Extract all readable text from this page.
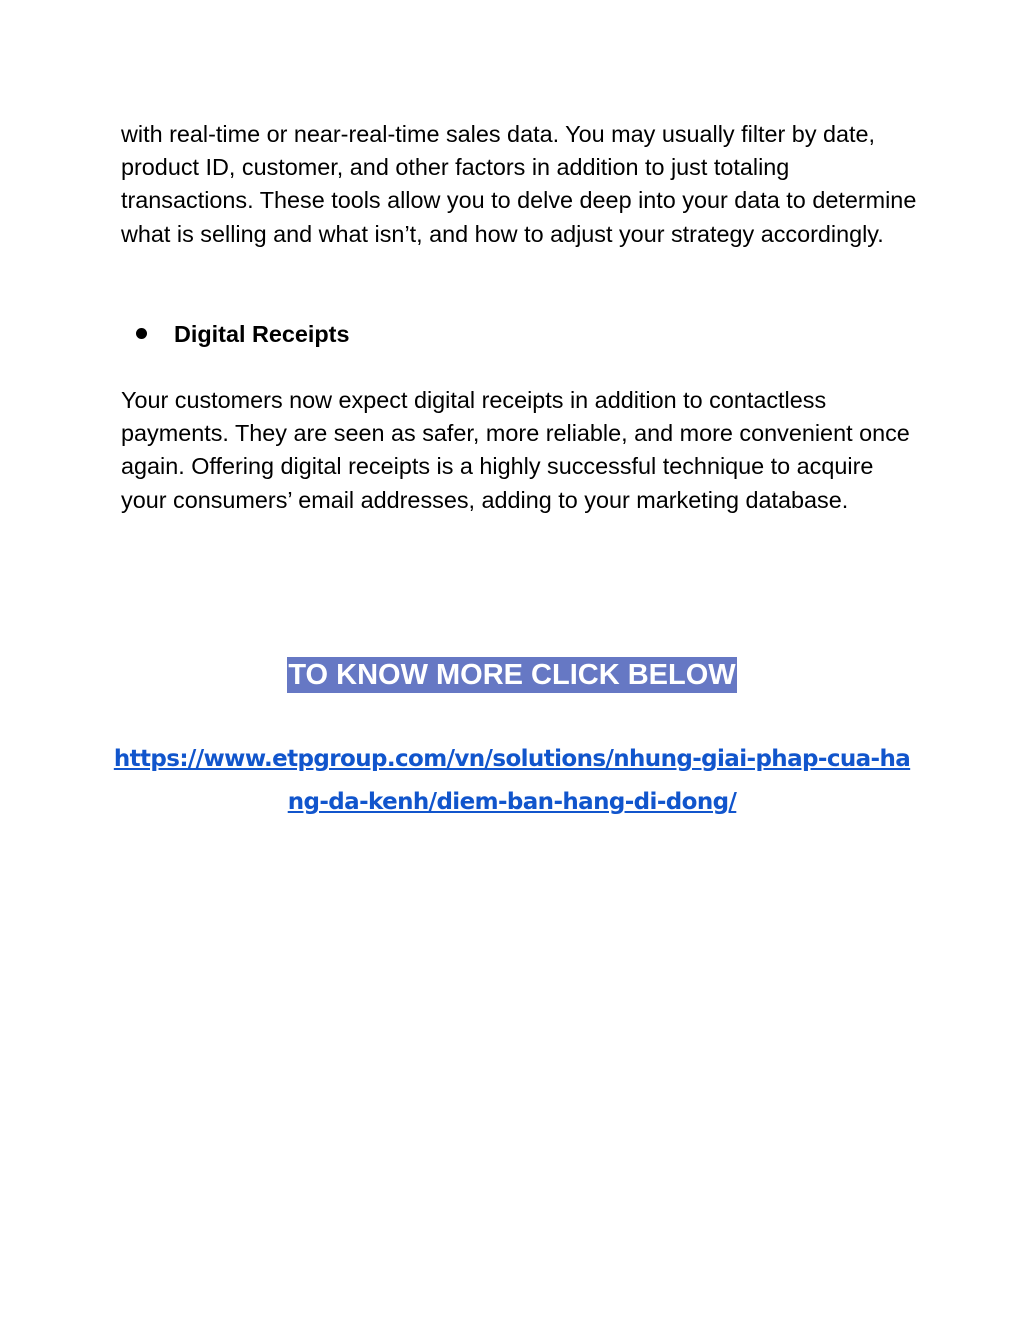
with real-time or near-real-time sales data. You may usually filter by date, product ID, customer, and other factors in addition to just totaling transactions. These tools allow you to delve deep into your data to determine what is selling and what isn’t, and how to adjust your strategy accordingly.

Digital Receipts

Your customers now expect digital receipts in addition to contactless payments. They are seen as safer, more reliable, and more convenient once again. Offering digital receipts is a highly successful technique to acquire your consumers’ email addresses, adding to your marketing database.

TO KNOW MORE CLICK BELOW
https://www.etpgroup.com/vn/solutions/nhung-giai-phap-cua-hang-da-kenh/diem-ban-hang-di-dong/
